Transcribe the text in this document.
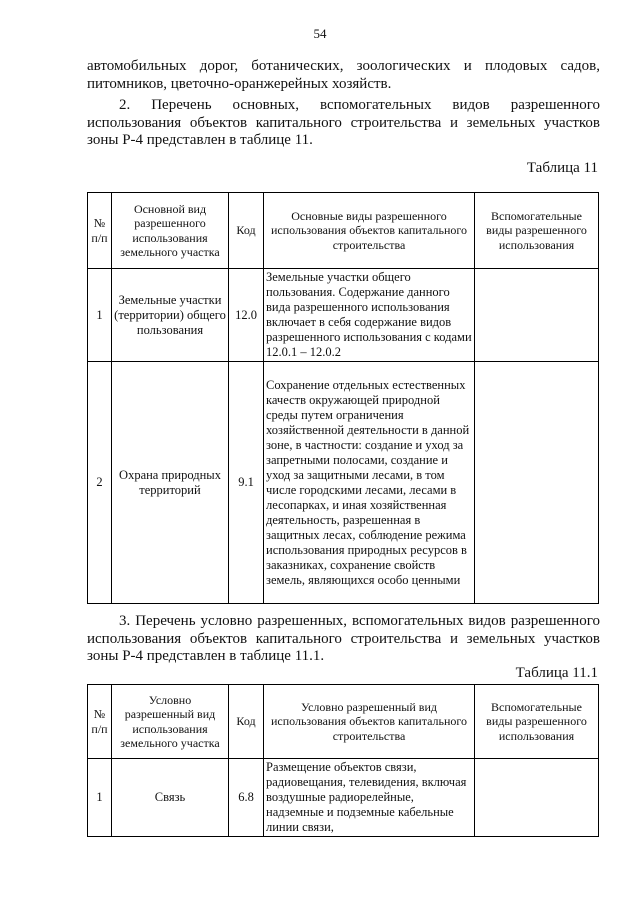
54
автомобильных дорог, ботанических, зоологических и плодовых садов, питомников, цветочно-оранжерейных хозяйств.
2. Перечень основных, вспомогательных видов разрешенного использования объектов капитального строительства и земельных участков зоны Р-4 представлен в таблице 11.
Таблица 11
№ п/п	Основной вид разрешенного использования земельного участка	Код	Основные виды разрешенного использования объектов капитального строительства	Вспомогательные виды разрешенного использования
1	Земельные участки (территории) общего пользования	12.0	Земельные участки общего пользования. Содержание данного вида разрешенного использования включает в себя содержание видов разрешенного использования с кодами 12.0.1 – 12.0.2	
2	Охрана природных территорий	9.1	Сохранение отдельных естественных качеств окружающей природной среды путем ограничения хозяйственной деятельности в данной зоне, в частности: создание и уход за запретными полосами, создание и уход за защитными лесами, в том числе городскими лесами, лесами в лесопарках, и иная хозяйственная деятельность, разрешенная в защитных лесах, соблюдение режима использования природных ресурсов в заказниках, сохранение свойств земель, являющихся особо ценными	
3. Перечень условно разрешенных, вспомогательных видов разрешенного использования объектов капитального строительства и земельных участков зоны Р-4 представлен в таблице 11.1.
Таблица 11.1
№ п/п	Условно разрешенный вид использования земельного участка	Код	Условно разрешенный вид использования объектов капитального строительства	Вспомогательные виды разрешенного использования
1	Связь	6.8	Размещение объектов связи, радиовещания, телевидения, включая воздушные радиорелейные, надземные и подземные кабельные линии связи,	
